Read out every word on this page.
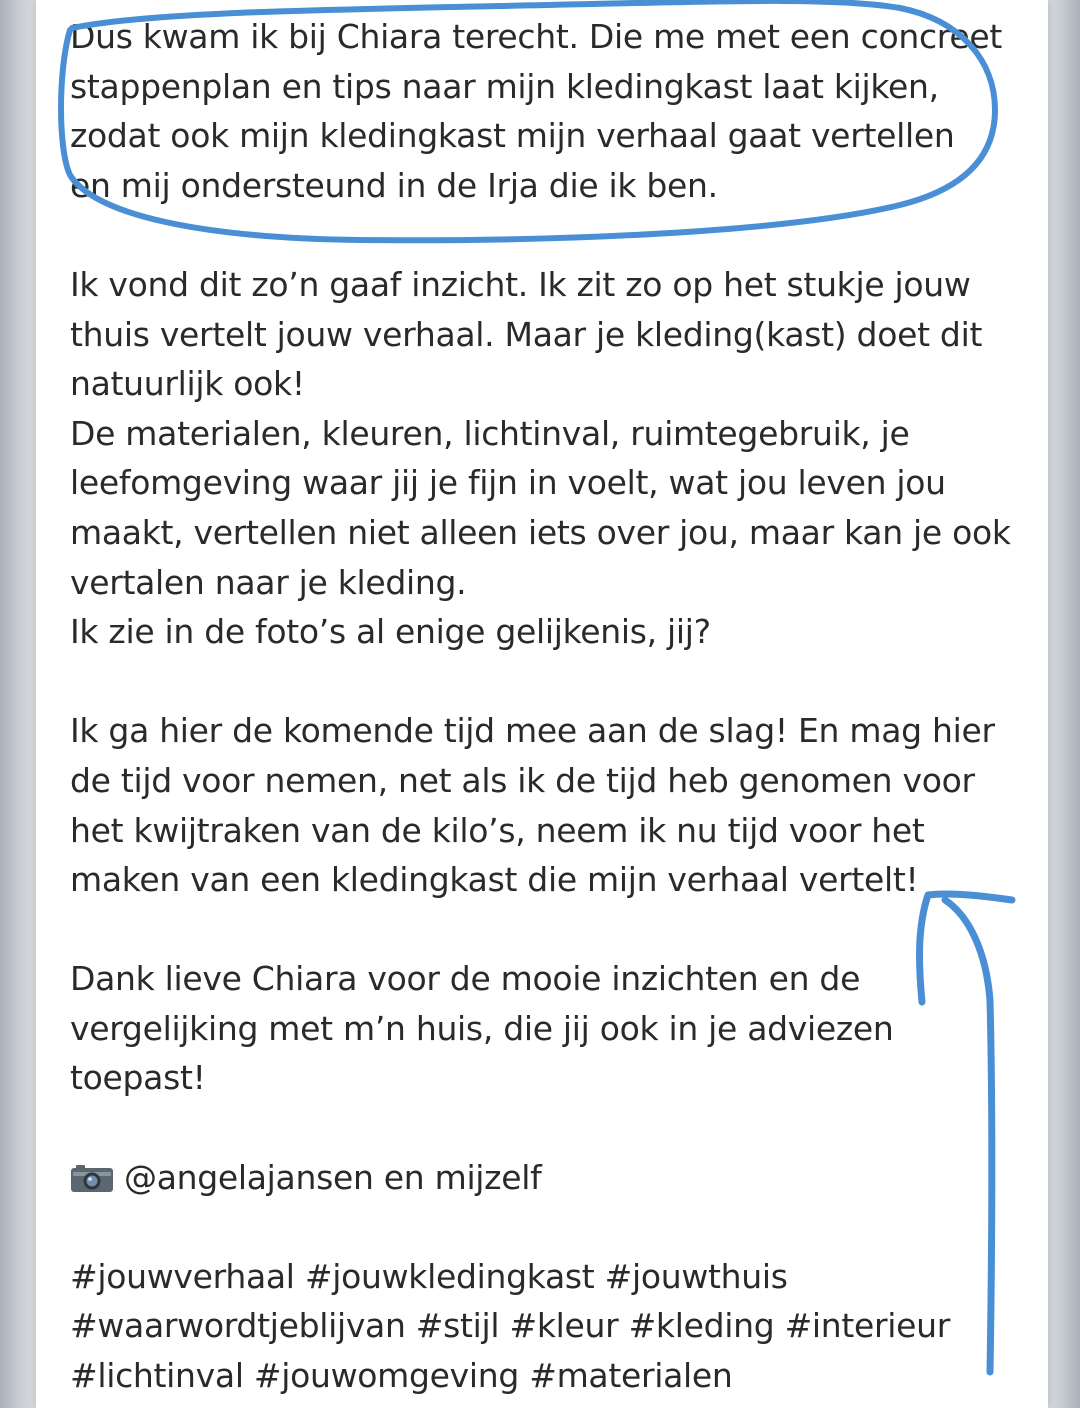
Dus kwam ik bij Chiara terecht. Die me met een concreet
stappenplan en tips naar mijn kledingkast laat kijken,
zodat ook mijn kledingkast mijn verhaal gaat vertellen
en mij ondersteund in de Irja die ik ben.
Ik vond dit zo’n gaaf inzicht. Ik zit zo op het stukje jouw
thuis vertelt jouw verhaal. Maar je kleding(kast) doet dit
natuurlijk ook!
De materialen, kleuren, lichtinval, ruimtegebruik, je
leefomgeving waar jij je fijn in voelt, wat jou leven jou
maakt, vertellen niet alleen iets over jou, maar kan je ook
vertalen naar je kleding.
Ik zie in de foto’s al enige gelijkenis, jij?
Ik ga hier de komende tijd mee aan de slag! En mag hier
de tijd voor nemen, net als ik de tijd heb genomen voor
het kwijtraken van de kilo’s, neem ik nu tijd voor het
maken van een kledingkast die mijn verhaal vertelt!
Dank lieve Chiara voor de mooie inzichten en de
vergelijking met m’n huis, die jij ook in je adviezen
toepast!
@angelajansen en mijzelf
#jouwverhaal #jouwkledingkast #jouwthuis
#waarwordtjeblijvan #stijl #kleur #kleding #interieur
#lichtinval #jouwomgeving #materialen
